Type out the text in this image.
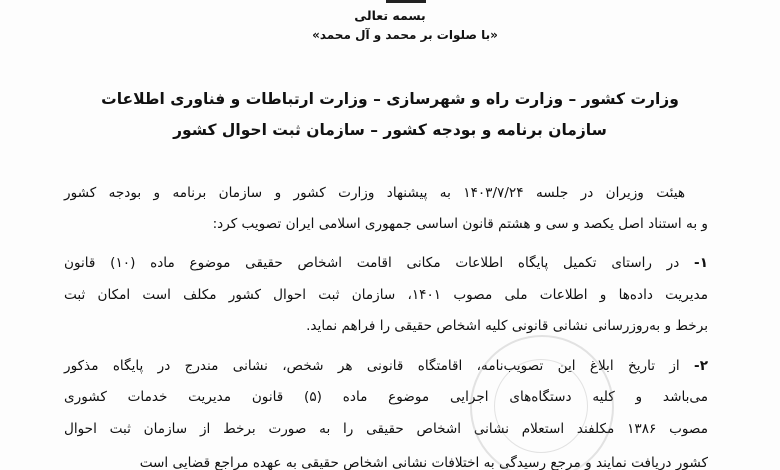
بسمه تعالی
«با صلوات بر محمد و آل محمد»
وزارت کشور – وزارت راه و شهرسازی – وزارت ارتباطات و فناوری اطلاعات
سازمان برنامه و بودجه کشور – سازمان ثبت احوال کشور
هیئت وزیران در جلسه ۱۴۰۳/۷/۲۴ به پیشنهاد وزارت کشور و سازمان برنامه و بودجه کشور
و به استناد اصل یکصد و سی و هشتم قانون اساسی جمهوری اسلامی ایران تصویب کرد:
۱- در راستای تکمیل پایگاه اطلاعات مکانی اقامت اشخاص حقیقی موضوع ماده (۱۰) قانون
مدیریت داده‌ها و اطلاعات ملی مصوب ۱۴۰۱، سازمان ثبت احوال کشور مکلف است امکان ثبت
برخط و به‌روزرسانی نشانی قانونی کلیه اشخاص حقیقی را فراهم نماید.
۲- از تاریخ ابلاغ این تصویب‌نامه، اقامتگاه قانونی هر شخص، نشانی مندرج در پایگاه مذکور
می‌باشد و کلیه دستگاه‌های اجرایی موضوع ماده (۵) قانون مدیریت خدمات کشوری
مصوب ۱۳۸۶ مکلفند استعلام نشانی اشخاص حقیقی را به صورت برخط از سازمان ثبت احوال
کشور دریافت نمایند و مرجع رسیدگی به اختلافات نشانی اشخاص حقیقی به عهده مراجع قضایی است
